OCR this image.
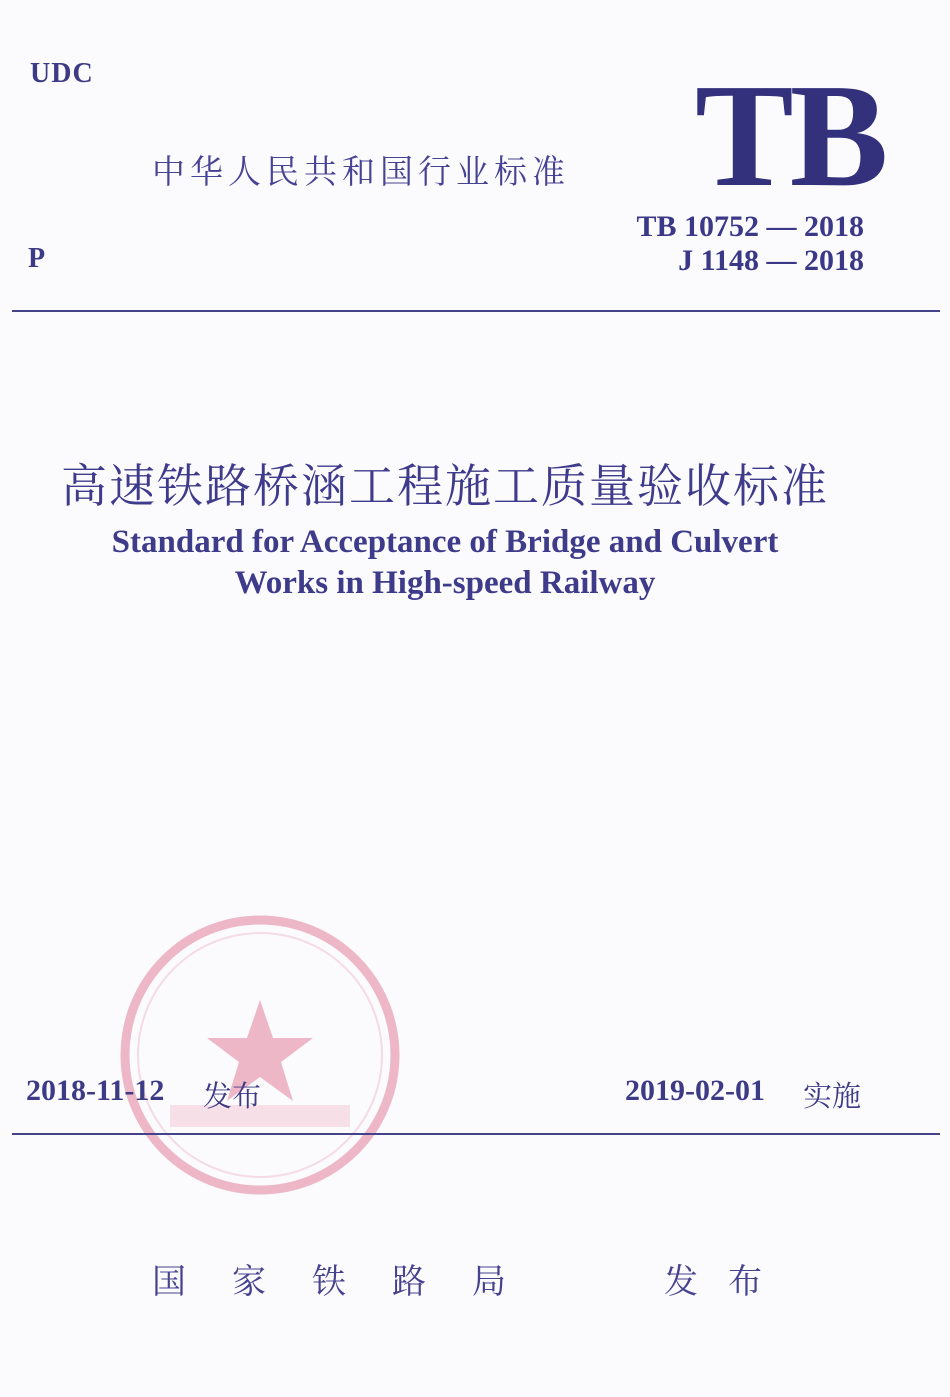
UDC
中华人民共和国行业标准 TB
P
TB 10752 — 2018
J 1148 — 2018
高速铁路桥涵工程施工质量验收标准
Standard for Acceptance of Bridge and Culvert
Works in High-speed Railway
2018-11-12 发布	2019-02-01 实施
国家铁路局	发布
